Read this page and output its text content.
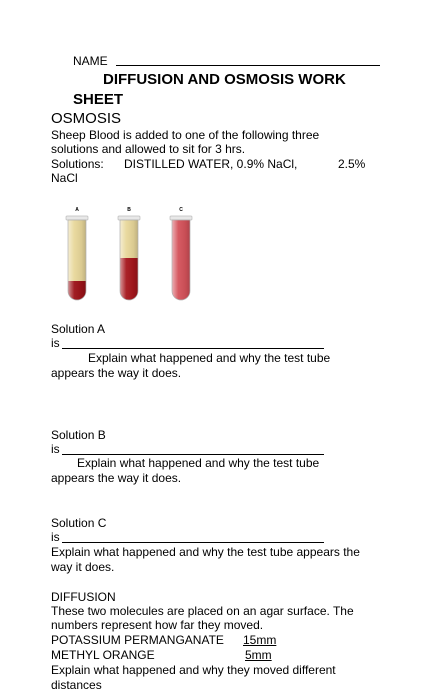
NAME
DIFFUSION AND OSMOSIS WORK
SHEET
OSMOSIS
Sheep Blood is added to one of the following three
solutions and allowed to sit for 3 hrs.
Solutions: DISTILLED WATER, 0.9% NaCl,	2.5%
NaCl
A	B	C
Solution A
is
Explain what happened and why the test tube
appears the way it does.
Solution B
is
Explain what happened and why the test tube
appears the way it does.
Solution C
is
Explain what happened and why the test tube appears the
way it does.
DIFFUSION
These two molecules are placed on an agar surface. The
numbers represent how far they moved.
POTASSIUM PERMANGANATE 15mm
METHYL ORANGE	5mm
Explain what happened and why they moved different
distances
